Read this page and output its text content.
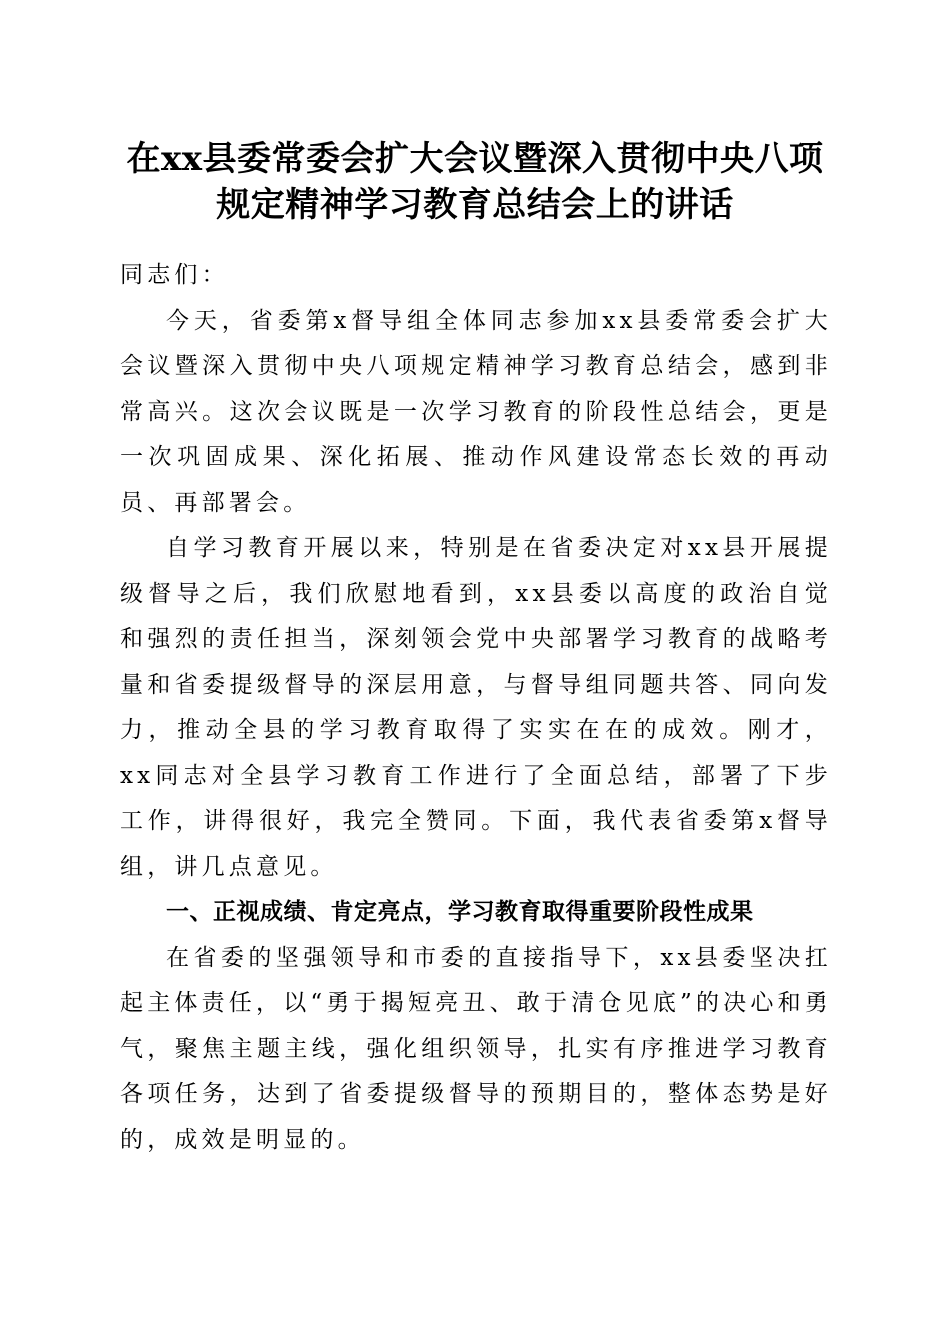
在xx县委常委会扩大会议暨深入贯彻中央八项规定精神学习教育总结会上的讲话

同志们：

今天，省委第x督导组全体同志参加xx县委常委会扩大会议暨深入贯彻中央八项规定精神学习教育总结会，感到非常高兴。这次会议既是一次学习教育的阶段性总结会，更是一次巩固成果、深化拓展、推动作风建设常态长效的再动员、再部署会。

自学习教育开展以来，特别是在省委决定对xx县开展提级督导之后，我们欣慰地看到，xx县委以高度的政治自觉和强烈的责任担当，深刻领会党中央部署学习教育的战略考量和省委提级督导的深层用意，与督导组同题共答、同向发力，推动全县的学习教育取得了实实在在的成效。刚才，xx同志对全县学习教育工作进行了全面总结，部署了下步工作，讲得很好，我完全赞同。下面，我代表省委第x督导组，讲几点意见。

一、正视成绩、肯定亮点，学习教育取得重要阶段性成果

在省委的坚强领导和市委的直接指导下，xx县委坚决扛起主体责任，以“勇于揭短亮丑、敢于清仓见底”的决心和勇气，聚焦主题主线，强化组织领导，扎实有序推进学习教育各项任务，达到了省委提级督导的预期目的，整体态势是好的，成效是明显的。
